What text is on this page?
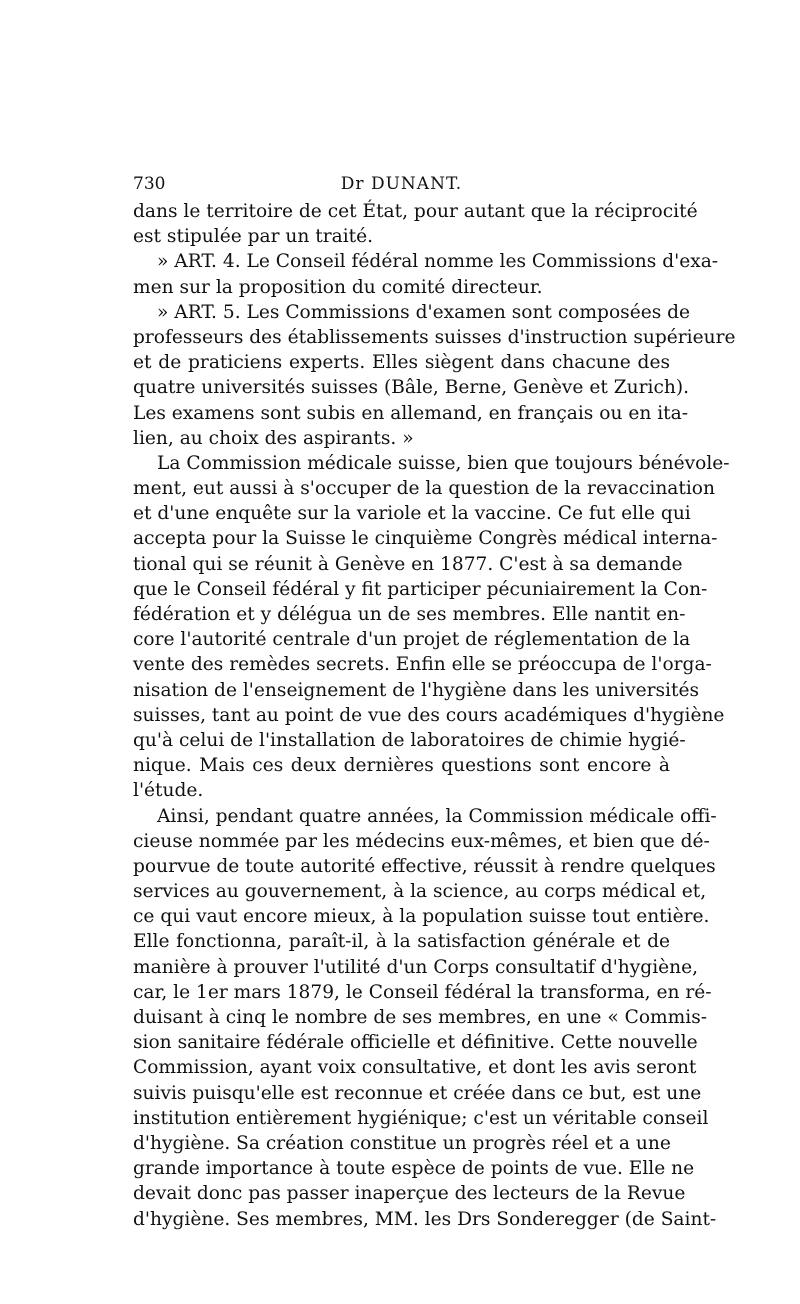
730	Dr DUNANT.
dans le territoire de cet État, pour autant que la réciprocité
est stipulée par un traité.
» ART. 4. Le Conseil fédéral nomme les Commissions d'exa-
men sur la proposition du comité directeur.
» ART. 5. Les Commissions d'examen sont composées de
professeurs des établissements suisses d'instruction supérieure
et de praticiens experts. Elles siègent dans chacune des
quatre universités suisses (Bâle, Berne, Genève et Zurich).
Les examens sont subis en allemand, en français ou en ita-
lien, au choix des aspirants. »
La Commission médicale suisse, bien que toujours bénévole-
ment, eut aussi à s'occuper de la question de la revaccination
et d'une enquête sur la variole et la vaccine. Ce fut elle qui
accepta pour la Suisse le cinquième Congrès médical interna-
tional qui se réunit à Genève en 1877. C'est à sa demande
que le Conseil fédéral y fit participer pécuniairement la Con-
fédération et y délégua un de ses membres. Elle nantit en-
core l'autorité centrale d'un projet de réglementation de la
vente des remèdes secrets. Enfin elle se préoccupa de l'orga-
nisation de l'enseignement de l'hygiène dans les universités
suisses, tant au point de vue des cours académiques d'hygiène
qu'à celui de l'installation de laboratoires de chimie hygié-
nique. Mais ces deux dernières questions sont encore à
l'étude.
Ainsi, pendant quatre années, la Commission médicale offi-
cieuse nommée par les médecins eux-mêmes, et bien que dé-
pourvue de toute autorité effective, réussit à rendre quelques
services au gouvernement, à la science, au corps médical et,
ce qui vaut encore mieux, à la population suisse tout entière.
Elle fonctionna, paraît-il, à la satisfaction générale et de
manière à prouver l'utilité d'un Corps consultatif d'hygiène,
car, le 1er mars 1879, le Conseil fédéral la transforma, en ré-
duisant à cinq le nombre de ses membres, en une « Commis-
sion sanitaire fédérale officielle et définitive. Cette nouvelle
Commission, ayant voix consultative, et dont les avis seront
suivis puisqu'elle est reconnue et créée dans ce but, est une
institution entièrement hygiénique; c'est un véritable conseil
d'hygiène. Sa création constitue un progrès réel et a une
grande importance à toute espèce de points de vue. Elle ne
devait donc pas passer inaperçue des lecteurs de la Revue
d'hygiène. Ses membres, MM. les Drs Sonderegger (de Saint-
